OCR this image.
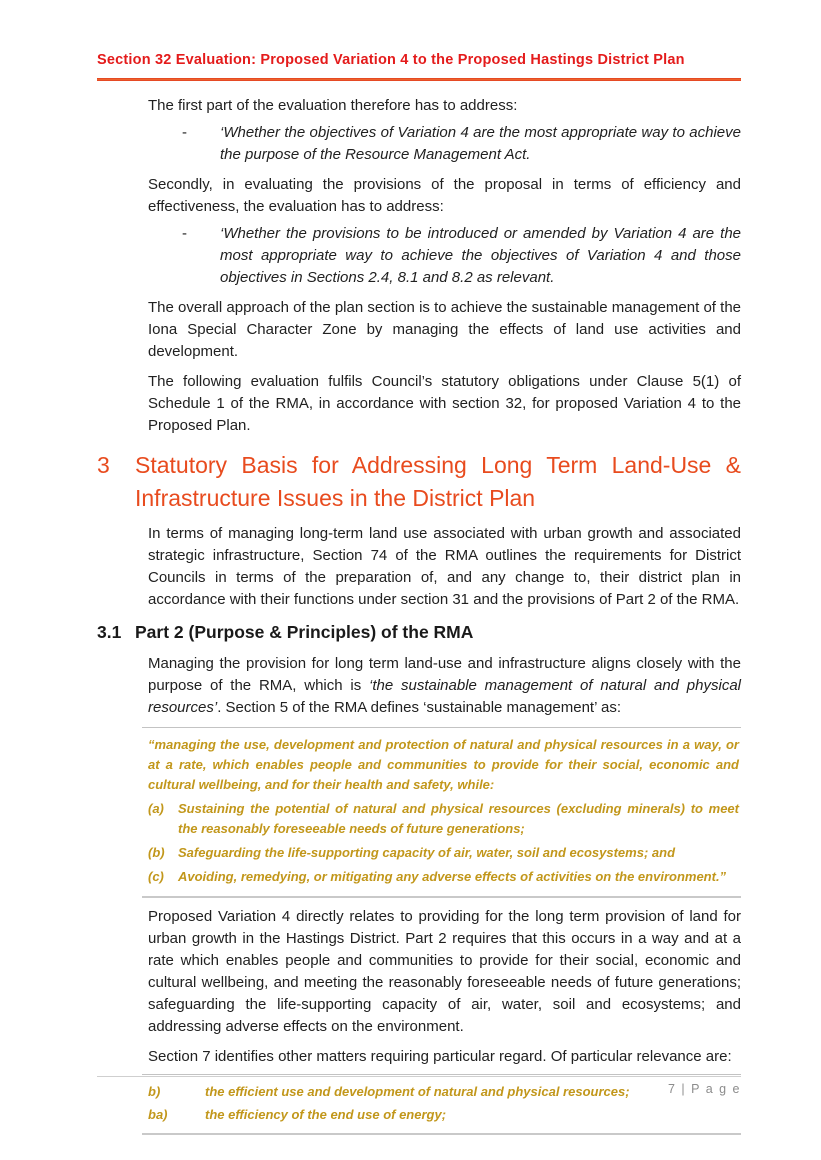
Section 32 Evaluation: Proposed Variation 4 to the Proposed Hastings District Plan

The first part of the evaluation therefore has to address:

-	‘Whether the objectives of Variation 4 are the most appropriate way to achieve the purpose of the Resource Management Act.

Secondly, in evaluating the provisions of the proposal in terms of efficiency and effectiveness, the evaluation has to address:

-	‘Whether the provisions to be introduced or amended by Variation 4 are the most appropriate way to achieve the objectives of Variation 4 and those objectives in Sections 2.4, 8.1 and 8.2 as relevant.

The overall approach of the plan section is to achieve the sustainable management of the Iona Special Character Zone by managing the effects of land use activities and development.

The following evaluation fulfils Council’s statutory obligations under Clause 5(1) of Schedule 1 of the RMA, in accordance with section 32, for proposed Variation 4 to the Proposed Plan.

3	Statutory Basis for Addressing Long Term Land-Use & Infrastructure Issues in the District Plan

In terms of managing long-term land use associated with urban growth and associated strategic infrastructure, Section 74 of the RMA outlines the requirements for District Councils in terms of the preparation of, and any change to, their district plan in accordance with their functions under section 31 and the provisions of Part 2 of the RMA.

3.1 Part 2 (Purpose & Principles) of the RMA

Managing the provision for long term land-use and infrastructure aligns closely with the purpose of the RMA, which is ‘the sustainable management of natural and physical resources’. Section 5 of the RMA defines ‘sustainable management’ as:

“managing the use, development and protection of natural and physical resources in a way, or at a rate, which enables people and communities to provide for their social, economic and cultural wellbeing, and for their health and safety, while:
(a)	Sustaining the potential of natural and physical resources (excluding minerals) to meet the reasonably foreseeable needs of future generations;
(b)	Safeguarding the life-supporting capacity of air, water, soil and ecosystems; and
(c)	Avoiding, remedying, or mitigating any adverse effects of activities on the environment.”

Proposed Variation 4 directly relates to providing for the long term provision of land for urban growth in the Hastings District. Part 2 requires that this occurs in a way and at a rate which enables people and communities to provide for their social, economic and cultural wellbeing, and meeting the reasonably foreseeable needs of future generations; safeguarding the life-supporting capacity of air, water, soil and ecosystems; and addressing adverse effects on the environment.

Section 7 identifies other matters requiring particular regard. Of particular relevance are:

b)	the efficient use and development of natural and physical resources;
ba)	the efficiency of the end use of energy;
7 | P a g e
